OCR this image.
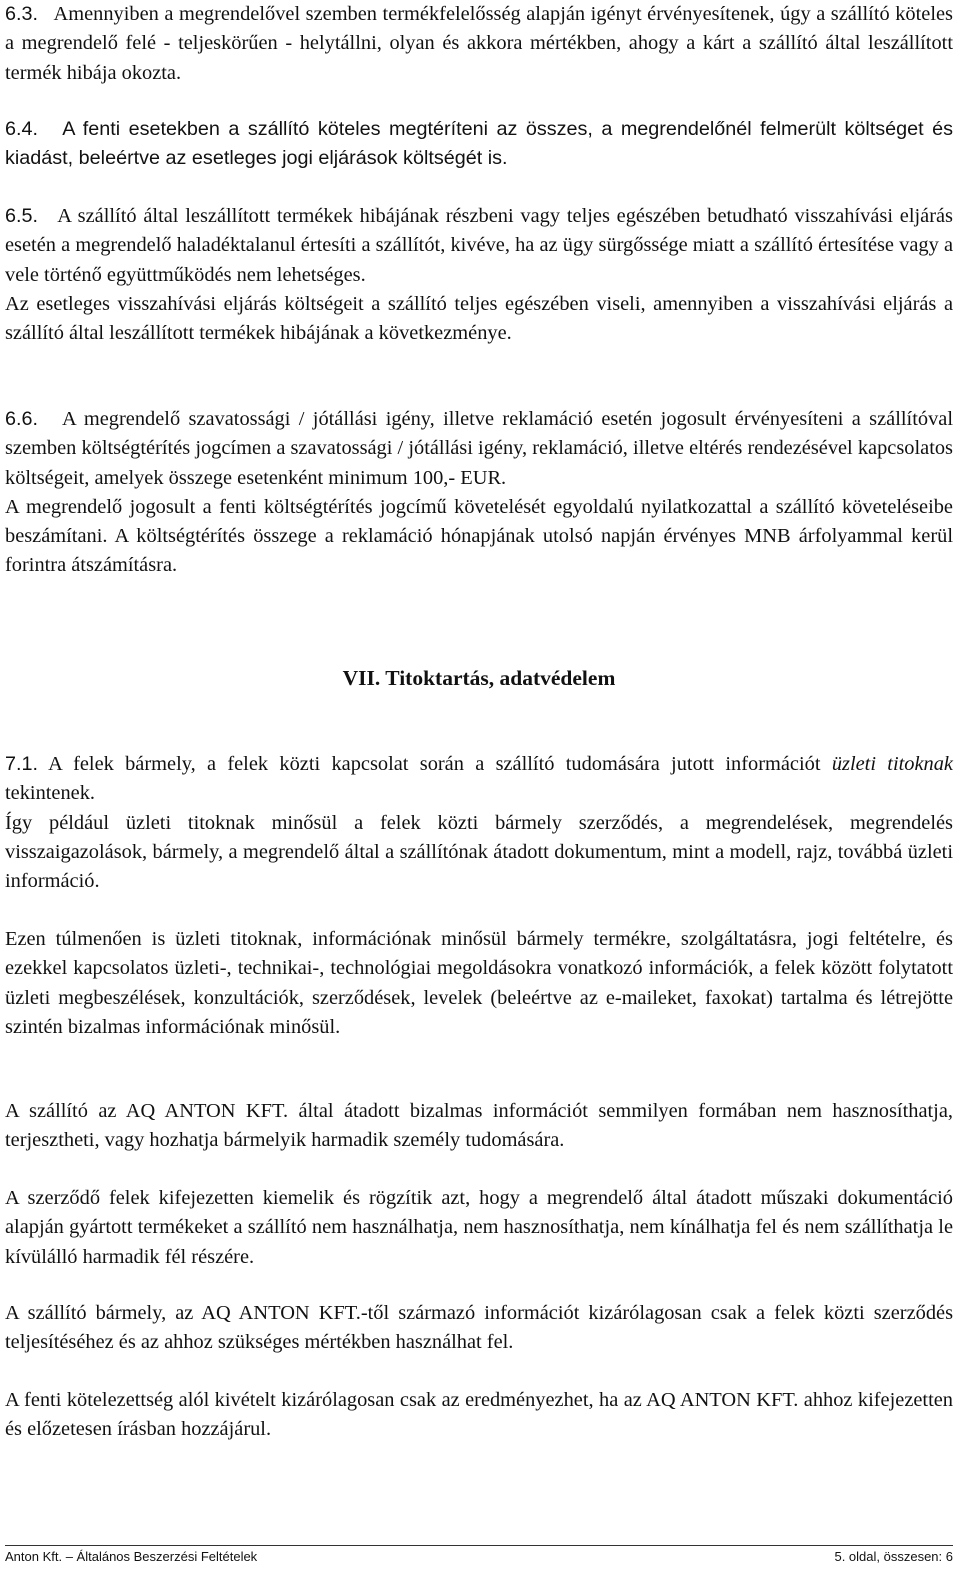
6.3. Amennyiben a megrendelővel szemben termékfelelősség alapján igényt érvényesítenek, úgy a szállító köteles a megrendelő felé - teljeskörűen - helytállni, olyan és akkora mértékben, ahogy a kárt a szállító által leszállított termék hibája okozta.

6.4. A fenti esetekben a szállító köteles megtéríteni az összes, a megrendelőnél felmerült költséget és kiadást, beleértve az esetleges jogi eljárások költségét is.

6.5. A szállító által leszállított termékek hibájának részbeni vagy teljes egészében betudható visszahívási eljárás esetén a megrendelő haladéktalanul értesíti a szállítót, kivéve, ha az ügy sürgőssége miatt a szállító értesítése vagy a vele történő együttműködés nem lehetséges.

Az esetleges visszahívási eljárás költségeit a szállító teljes egészében viseli, amennyiben a visszahívási eljárás a szállító által leszállított termékek hibájának a következménye.

6.6. A megrendelő szavatossági / jótállási igény, illetve reklamáció esetén jogosult érvényesíteni a szállítóval szemben költségtérítés jogcímen a szavatossági / jótállási igény, reklamáció, illetve eltérés rendezésével kapcsolatos költségeit, amelyek összege esetenként minimum 100,- EUR.

A megrendelő jogosult a fenti költségtérítés jogcímű követelését egyoldalú nyilatkozattal a szállító követeléseibe beszámítani. A költségtérítés összege a reklamáció hónapjának utolsó napján érvényes MNB árfolyammal kerül forintra átszámításra.

VII. Titoktartás, adatvédelem

7.1. A felek bármely, a felek közti kapcsolat során a szállító tudomására jutott információt üzleti titoknak tekintenek.

Így például üzleti titoknak minősül a felek közti bármely szerződés, a megrendelések, megrendelés visszaigazolások, bármely, a megrendelő által a szállítónak átadott dokumentum, mint a modell, rajz, továbbá üzleti információ.

Ezen túlmenően is üzleti titoknak, információnak minősül bármely termékre, szolgáltatásra, jogi feltételre, és ezekkel kapcsolatos üzleti-, technikai-, technológiai megoldásokra vonatkozó információk, a felek között folytatott üzleti megbeszélések, konzultációk, szerződések, levelek (beleértve az e-maileket, faxokat) tartalma és létrejötte szintén bizalmas információnak minősül.

A szállító az AQ ANTON KFT. által átadott bizalmas információt semmilyen formában nem hasznosíthatja, terjesztheti, vagy hozhatja bármelyik harmadik személy tudomására.

A szerződő felek kifejezetten kiemelik és rögzítik azt, hogy a megrendelő által átadott műszaki dokumentáció alapján gyártott termékeket a szállító nem használhatja, nem hasznosíthatja, nem kínálhatja fel és nem szállíthatja le kívülálló harmadik fél részére.

A szállító bármely, az AQ ANTON KFT.-től származó információt kizárólagosan csak a felek közti szerződés teljesítéséhez és az ahhoz szükséges mértékben használhat fel.

A fenti kötelezettség alól kivételt kizárólagosan csak az eredményezhet, ha az AQ ANTON KFT. ahhoz kifejezetten és előzetesen írásban hozzájárul.

Anton Kft. – Általános Beszerzési Feltételek	5. oldal, összesen: 6
